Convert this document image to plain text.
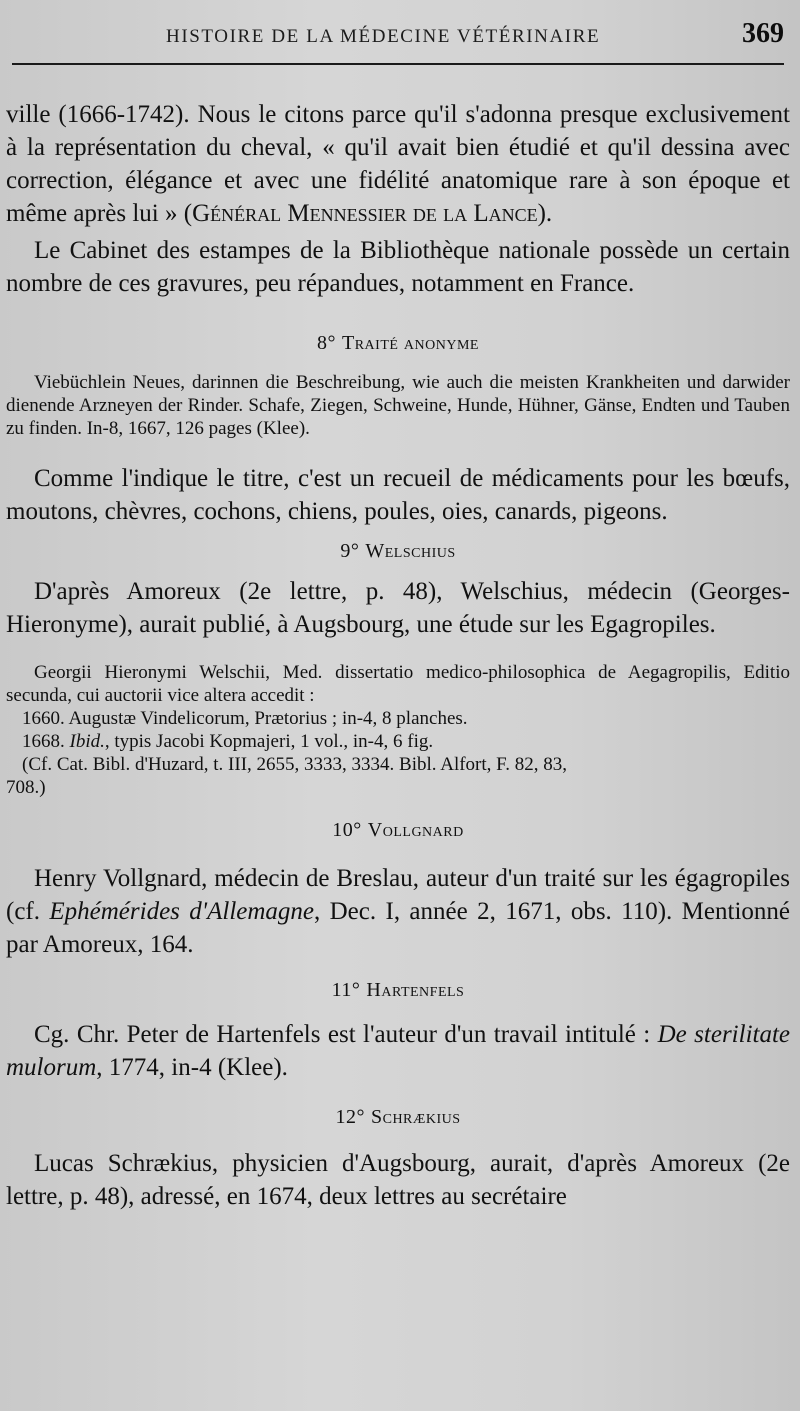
HISTOIRE DE LA MÉDECINE VÉTÉRINAIRE	369

ville (1666-1742). Nous le citons parce qu'il s'adonna presque exclusivement à la représentation du cheval, « qu'il avait bien étudié et qu'il dessina avec correction, élégance et avec une fidélité anatomique rare à son époque et même après lui » (Général Mennessier de la Lance).

Le Cabinet des estampes de la Bibliothèque nationale possède un certain nombre de ces gravures, peu répandues, notamment en France.

8° Traité anonyme

Viebüchlein Neues, darinnen die Beschreibung, wie auch die meisten Krankheiten und darwider dienende Arzneyen der Rinder. Schafe, Ziegen, Schweine, Hunde, Hühner, Gänse, Endten und Tauben zu finden. In-8, 1667, 126 pages (Klee).

Comme l'indique le titre, c'est un recueil de médicaments pour les bœufs, moutons, chèvres, cochons, chiens, poules, oies, canards, pigeons.

9° Welschius

D'après Amoreux (2e lettre, p. 48), Welschius, médecin (Georges-Hieronyme), aurait publié, à Augsbourg, une étude sur les Egagropiles.

Georgii Hieronymi Welschii, Med. dissertatio medico-philosophica de Aegagropilis, Editio secunda, cui auctorii vice altera accedit :

1660. Augustæ Vindelicorum, Prætorius ; in-4, 8 planches.

1668. Ibid., typis Jacobi Kopmajeri, 1 vol., in-4, 6 fig.

(Cf. Cat. Bibl. d'Huzard, t. III, 2655, 3333, 3334. Bibl. Alfort, F. 82, 83,

708.)

10° Vollgnard

Henry Vollgnard, médecin de Breslau, auteur d'un traité sur les égagropiles (cf. Ephémérides d'Allemagne, Dec. I, année 2, 1671, obs. 110). Mentionné par Amoreux, 164.

11° Hartenfels

Cg. Chr. Peter de Hartenfels est l'auteur d'un travail intitulé : De sterilitate mulorum, 1774, in-4 (Klee).

12° Schrækius

Lucas Schrækius, physicien d'Augsbourg, aurait, d'après Amoreux (2e lettre, p. 48), adressé, en 1674, deux lettres au secrétaire
